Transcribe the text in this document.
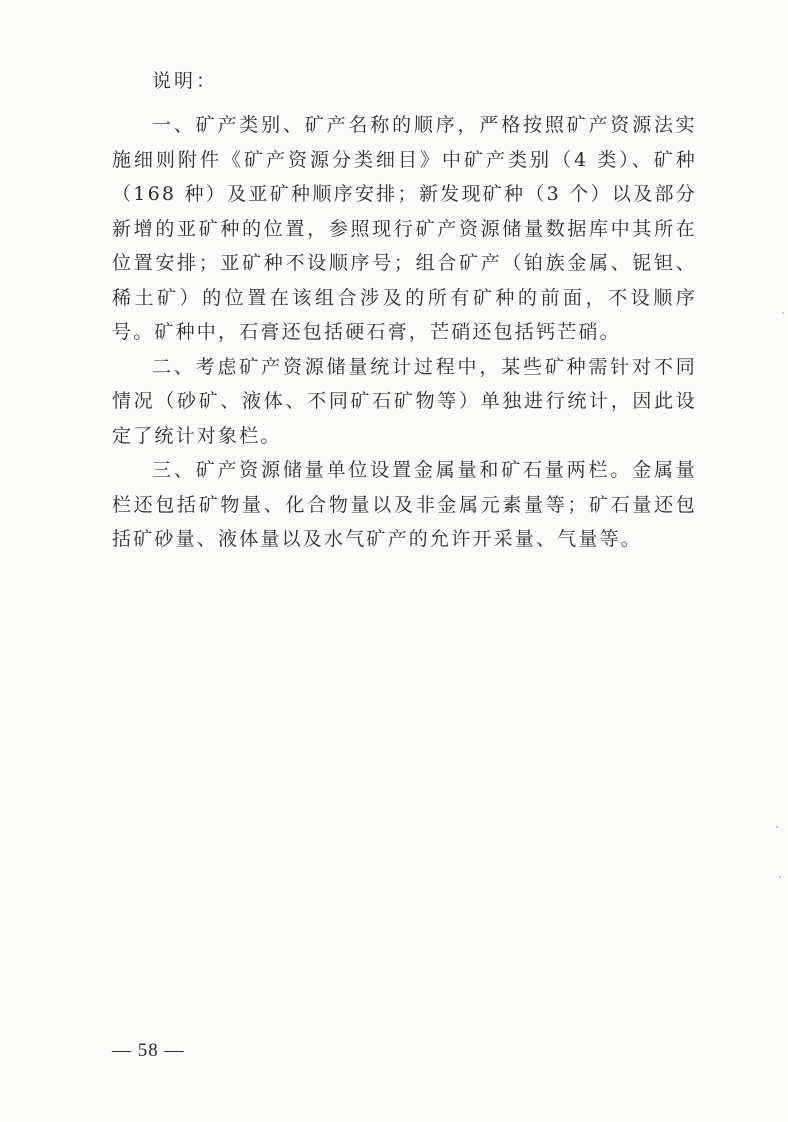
说明：

一、矿产类别、矿产名称的顺序，严格按照矿产资源法实施细则附件《矿产资源分类细目》中矿产类别（4 类）、矿种（168 种）及亚矿种顺序安排；新发现矿种（3 个）以及部分新增的亚矿种的位置，参照现行矿产资源储量数据库中其所在位置安排；亚矿种不设顺序号；组合矿产（铂族金属、铌钽、稀土矿）的位置在该组合涉及的所有矿种的前面，不设顺序号。矿种中，石膏还包括硬石膏，芒硝还包括钙芒硝。

二、考虑矿产资源储量统计过程中，某些矿种需针对不同情况（砂矿、液体、不同矿石矿物等）单独进行统计，因此设定了统计对象栏。

三、矿产资源储量单位设置金属量和矿石量两栏。金属量栏还包括矿物量、化合物量以及非金属元素量等；矿石量还包括矿砂量、液体量以及水气矿产的允许开采量、气量等。

— 58 —
